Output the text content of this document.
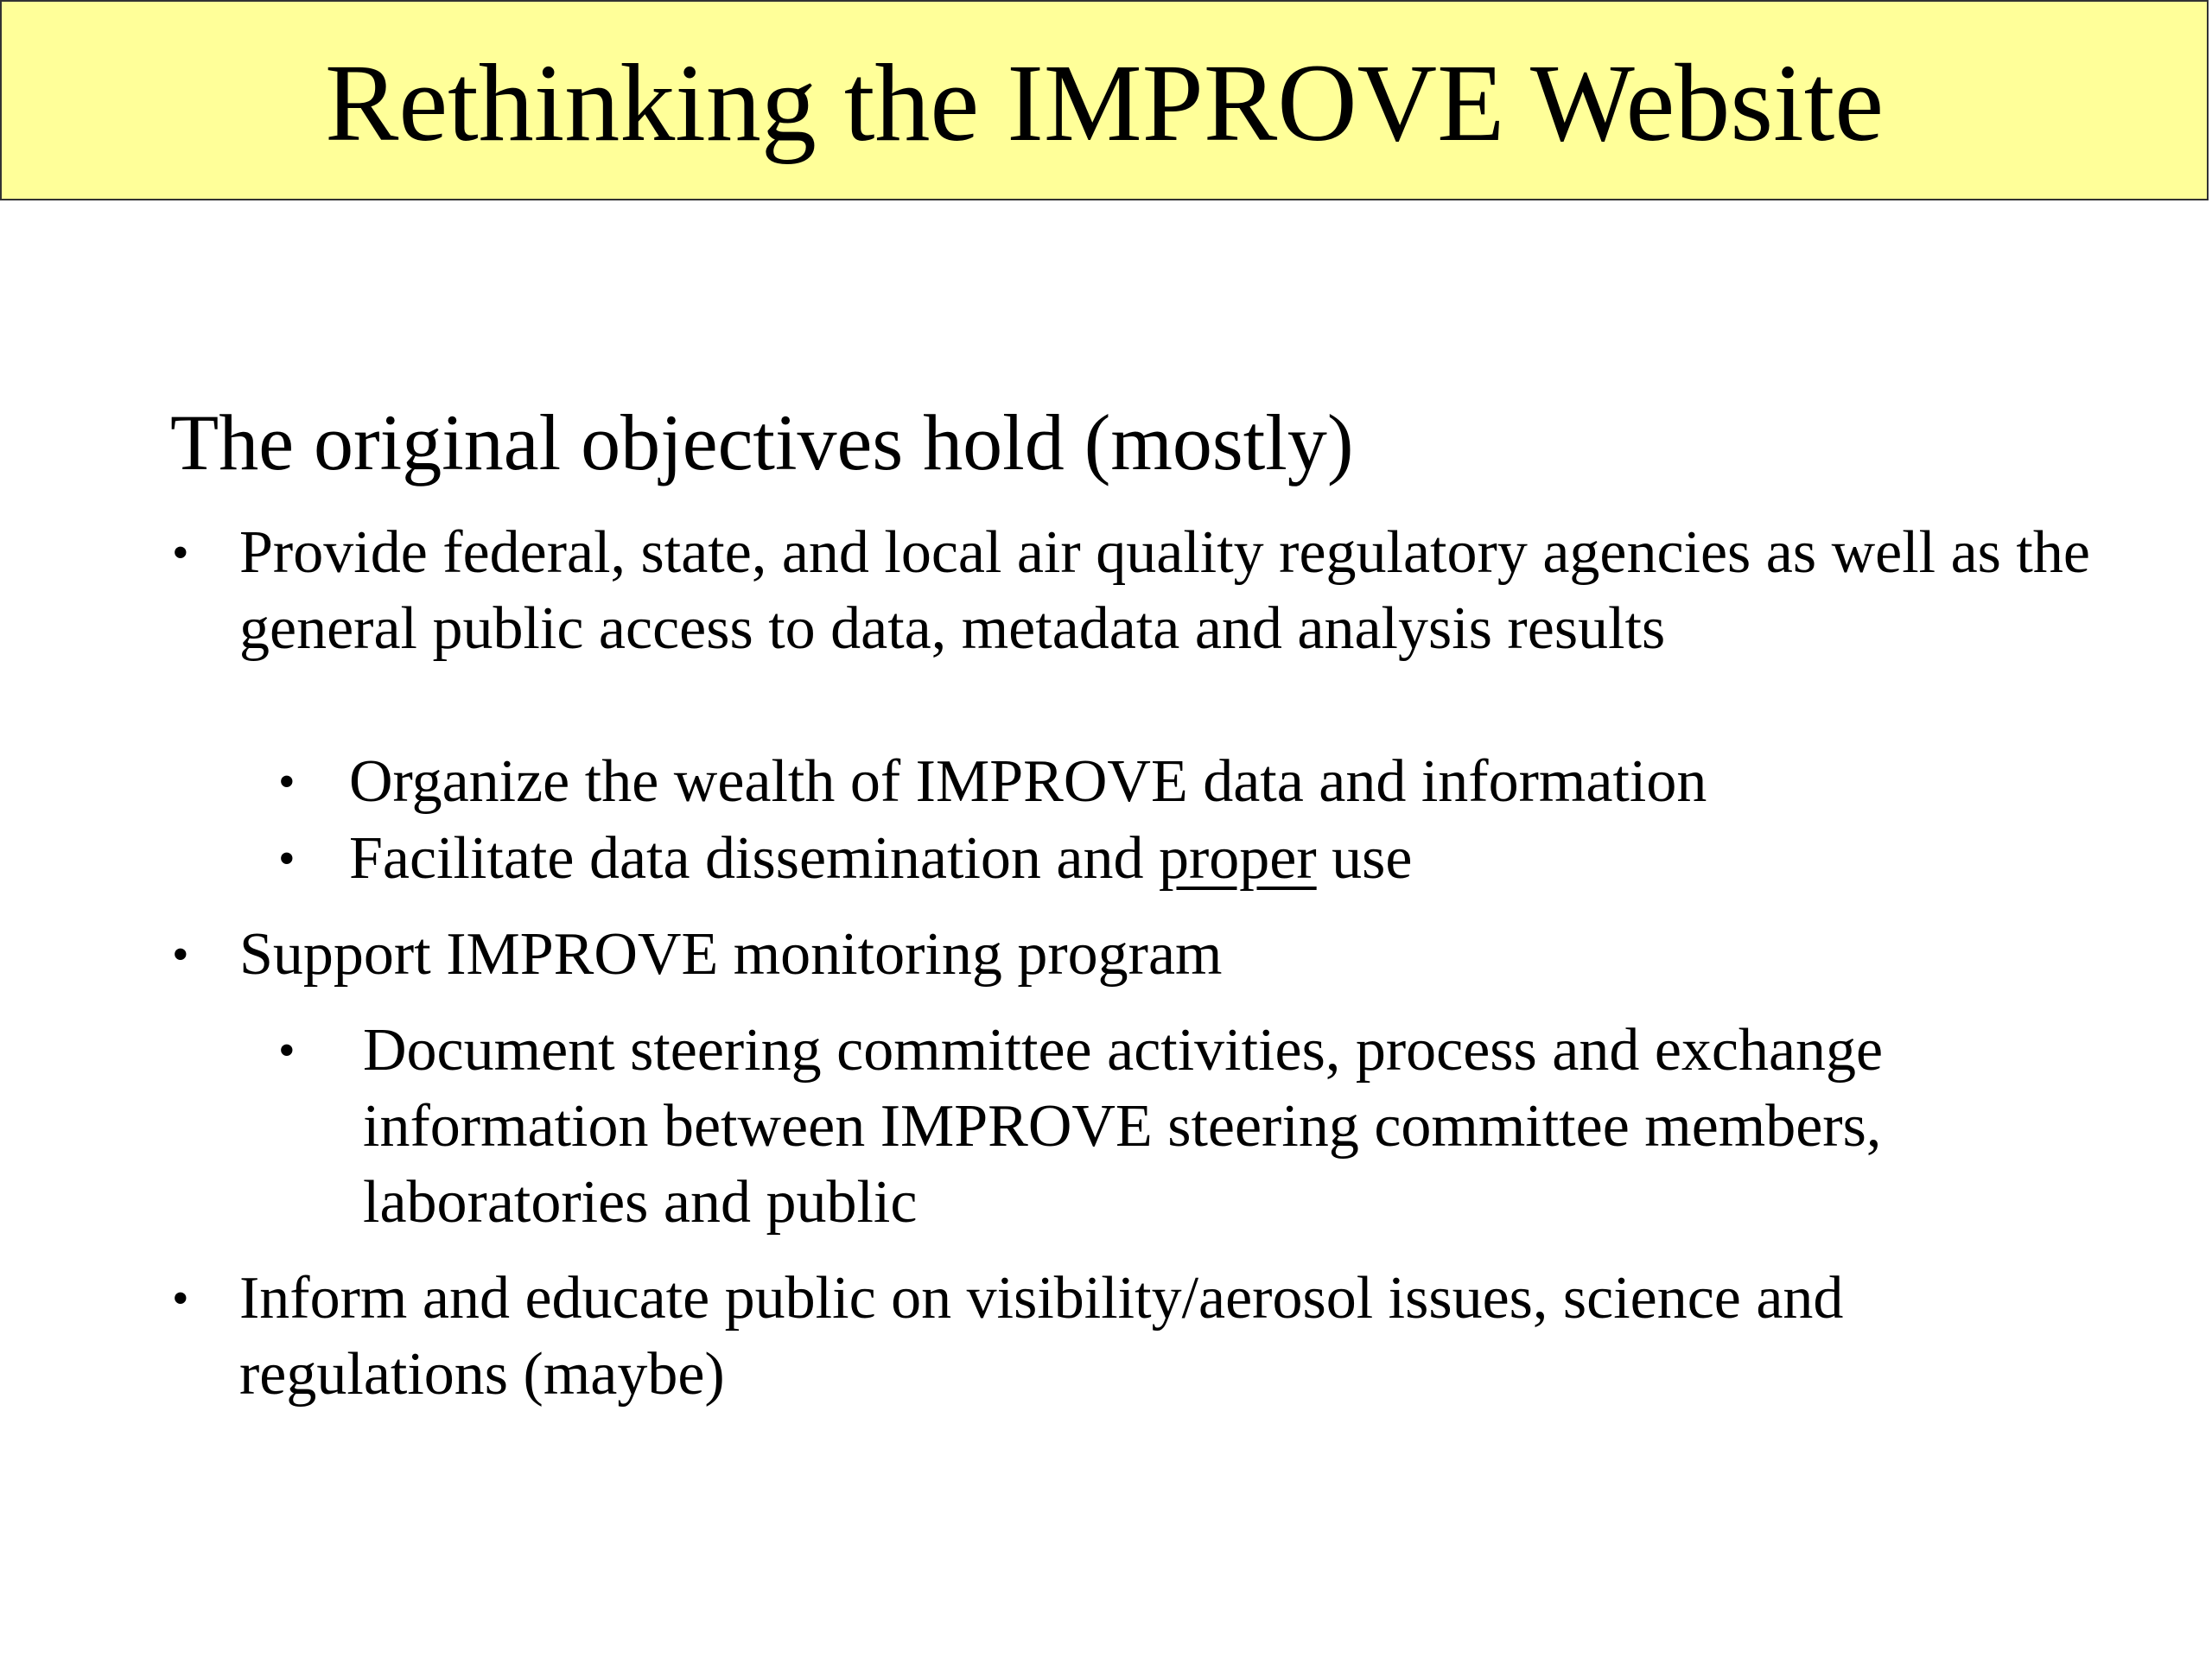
Rethinking the IMPROVE Website
The original objectives hold (mostly)

• Provide federal, state, and local air quality regulatory agencies as well as the general public access to data, metadata and analysis results

• Organize the wealth of IMPROVE data and information

• Facilitate data dissemination and proper use

• Support IMPROVE monitoring program

• Document steering committee activities, process and exchange information between IMPROVE steering committee members, laboratories and public

• Inform and educate public on visibility/aerosol issues, science and regulations (maybe)
